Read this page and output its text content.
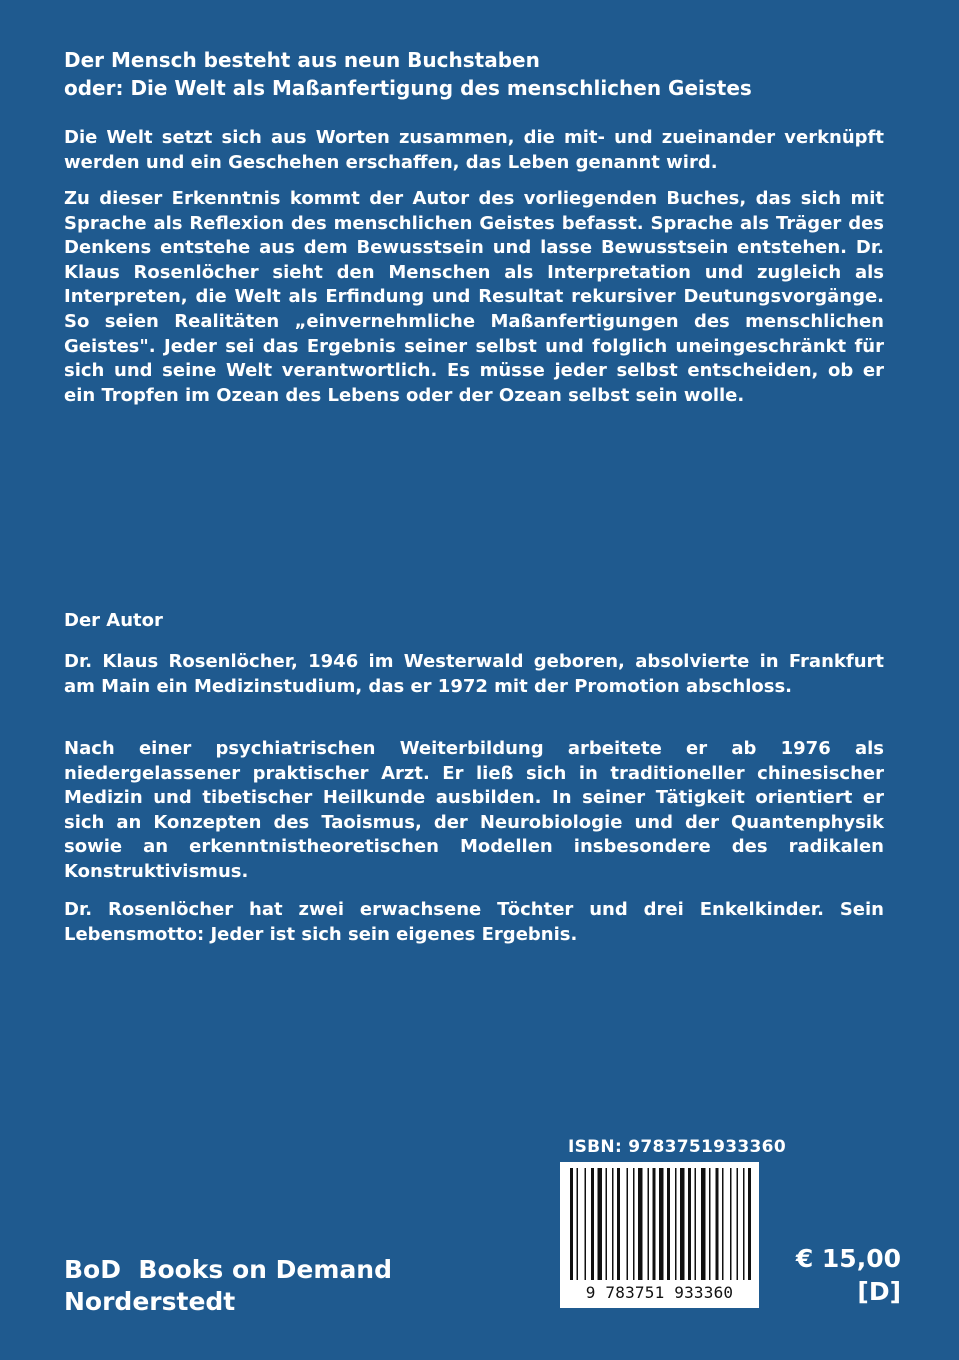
Der Mensch besteht aus neun Buchstaben
oder: Die Welt als Maßanfertigung des menschlichen Geistes

Die Welt setzt sich aus Worten zusammen, die mit- und zueinander verknüpft werden und ein Geschehen erschaffen, das Leben genannt wird.

Zu dieser Erkenntnis kommt der Autor des vorliegenden Buches, das sich mit Sprache als Reflexion des menschlichen Geistes befasst. Sprache als Träger des Denkens entstehe aus dem Bewusstsein und lasse Bewusstsein entstehen. Dr. Klaus Rosenlöcher sieht den Menschen als Interpretation und zugleich als Interpreten, die Welt als Erfindung und Resultat rekursiver Deutungsvorgänge. So seien Realitäten „einvernehmliche Maßanfertigungen des menschlichen Geistes". Jeder sei das Ergebnis seiner selbst und folglich uneingeschränkt für sich und seine Welt verantwortlich. Es müsse jeder selbst entscheiden, ob er ein Tropfen im Ozean des Lebens oder der Ozean selbst sein wolle.

Der Autor

Dr. Klaus Rosenlöcher, 1946 im Westerwald geboren, absolvierte in Frankfurt am Main ein Medizinstudium, das er 1972 mit der Promotion abschloss.

Nach einer psychiatrischen Weiterbildung arbeitete er ab 1976 als niedergelassener praktischer Arzt. Er ließ sich in traditioneller chinesischer Medizin und tibetischer Heilkunde ausbilden. In seiner Tätigkeit orientiert er sich an Konzepten des Taoismus, der Neurobiologie und der Quantenphysik sowie an erkenntnistheoretischen Modellen insbesondere des radikalen Konstruktivismus.

Dr. Rosenlöcher hat zwei erwachsene Töchter und drei Enkelkinder. Sein Lebensmotto: Jeder ist sich sein eigenes Ergebnis.

ISBN: 9783751933360
9 783751 933360
BoD  Books on Demand
Norderstedt
€ 15,00
[D]
